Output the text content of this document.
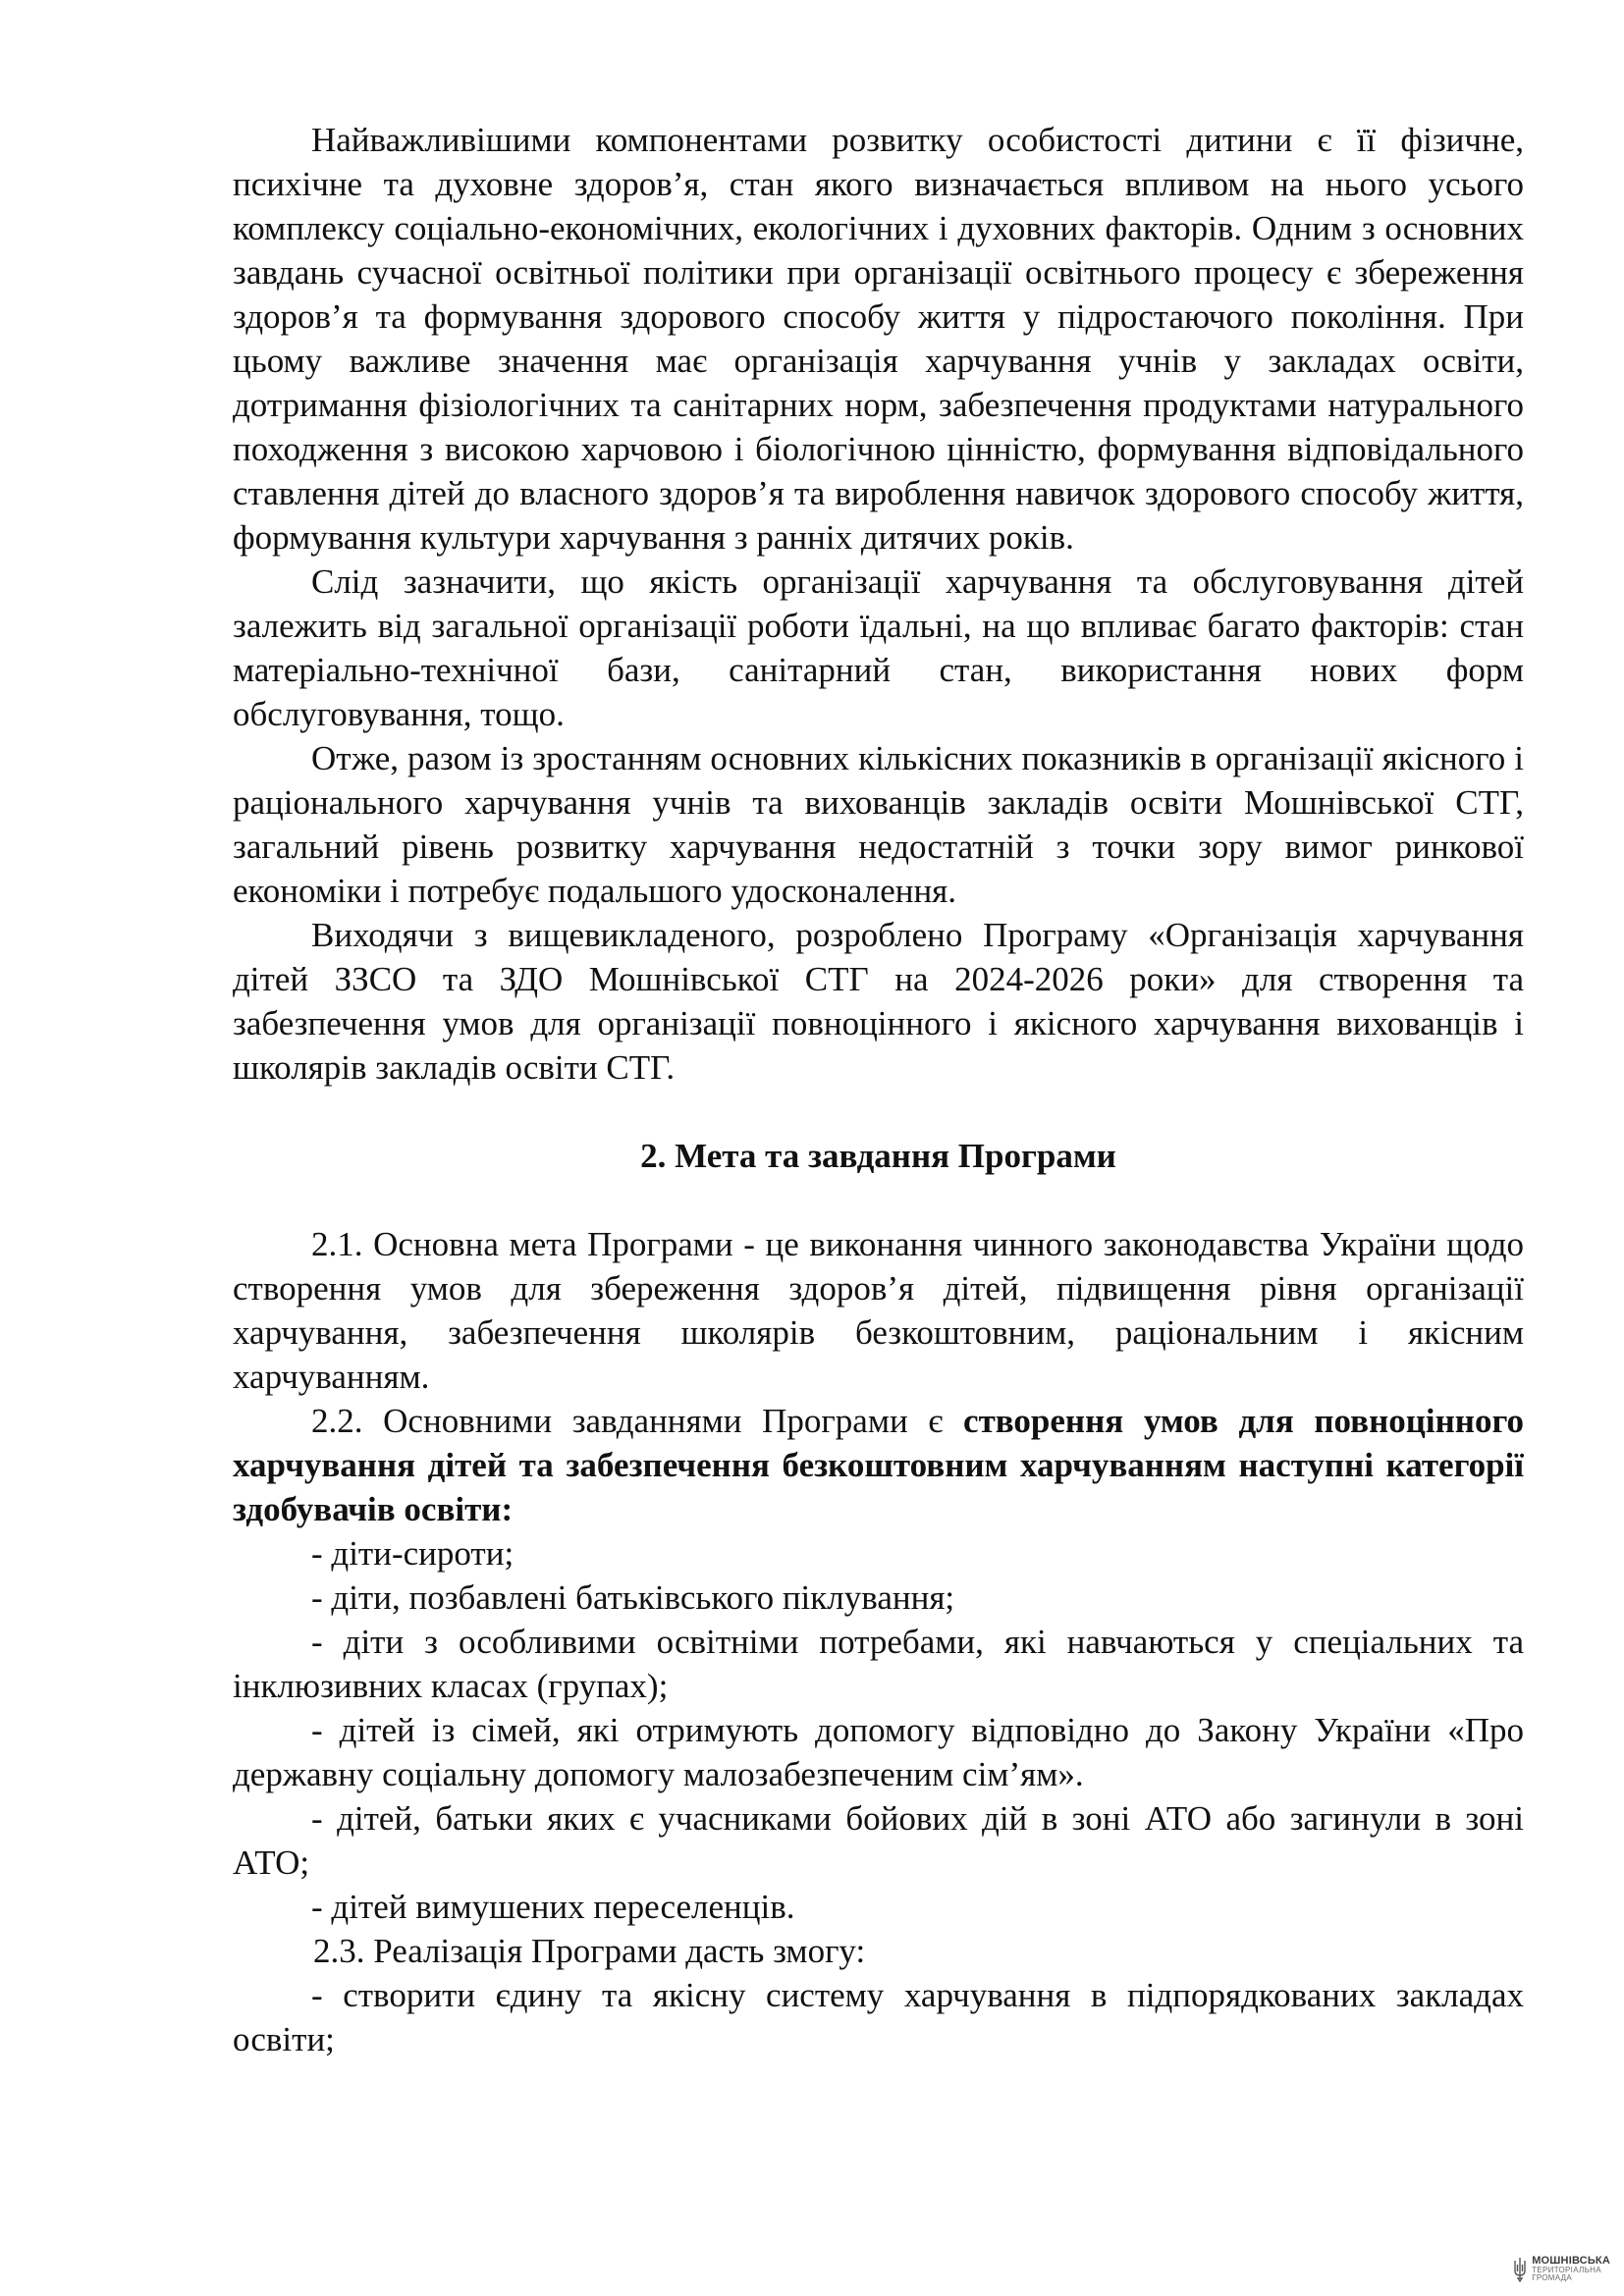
Найважливішими компонентами розвитку особистості дитини є її фізичне, психічне та духовне здоров’я, стан якого визначається впливом на нього усього комплексу соціально-економічних, екологічних і духовних факторів. Одним з основних завдань сучасної освітньої політики при організації освітнього процесу є збереження здоров’я та формування здорового способу життя у підростаючого покоління. При цьому важливе значення має організація харчування учнів у закладах освіти, дотримання фізіологічних та санітарних норм, забезпечення продуктами натурального походження з високою харчовою і біологічною цінністю, формування відповідального ставлення дітей до власного здоров’я та вироблення навичок здорового способу життя, формування культури харчування з ранніх дитячих років.

Слід зазначити, що якість організації харчування та обслуговування дітей залежить від загальної організації роботи їдальні, на що впливає багато факторів: стан матеріально-технічної бази, санітарний стан, використання нових форм обслуговування, тощо.

Отже, разом із зростанням основних кількісних показників в організації якісного і раціонального харчування учнів та вихованців закладів освіти Мошнівської СТГ, загальний рівень розвитку харчування недостатній з точки зору вимог ринкової економіки і потребує подальшого удосконалення.

Виходячи з вищевикладеного, розроблено Програму «Організація харчування дітей ЗЗСО та ЗДО Мошнівської СТГ на 2024-2026 роки» для створення та забезпечення умов для організації повноцінного і якісного харчування вихованців і школярів закладів освіти СТГ.

2. Мета та завдання Програми

2.1. Основна мета Програми - це виконання чинного законодавства України щодо створення умов для збереження здоров’я дітей, підвищення рівня організації харчування, забезпечення школярів безкоштовним, раціональним і якісним харчуванням.

2.2. Основними завданнями Програми є створення умов для повноцінного харчування дітей та забезпечення безкоштовним харчуванням наступні категорії здобувачів освіти:

- діти-сироти;

- діти, позбавлені батьківського піклування;

- діти з особливими освітніми потребами, які навчаються у спеціальних та інклюзивних класах (групах);

- дітей із сімей, які отримують допомогу відповідно до Закону України «Про державну соціальну допомогу малозабезпеченим сім’ям».

- дітей, батьки яких є учасниками бойових дій в зоні АТО або загинули в зоні АТО;

- дітей вимушених переселенців.

2.3. Реалізація Програми дасть змогу:

- створити єдину та якісну систему харчування в підпорядкованих закладах освіти;

МОШНІВСЬКА
ТЕРИТОРІАЛЬНА
ГРОМАДА
